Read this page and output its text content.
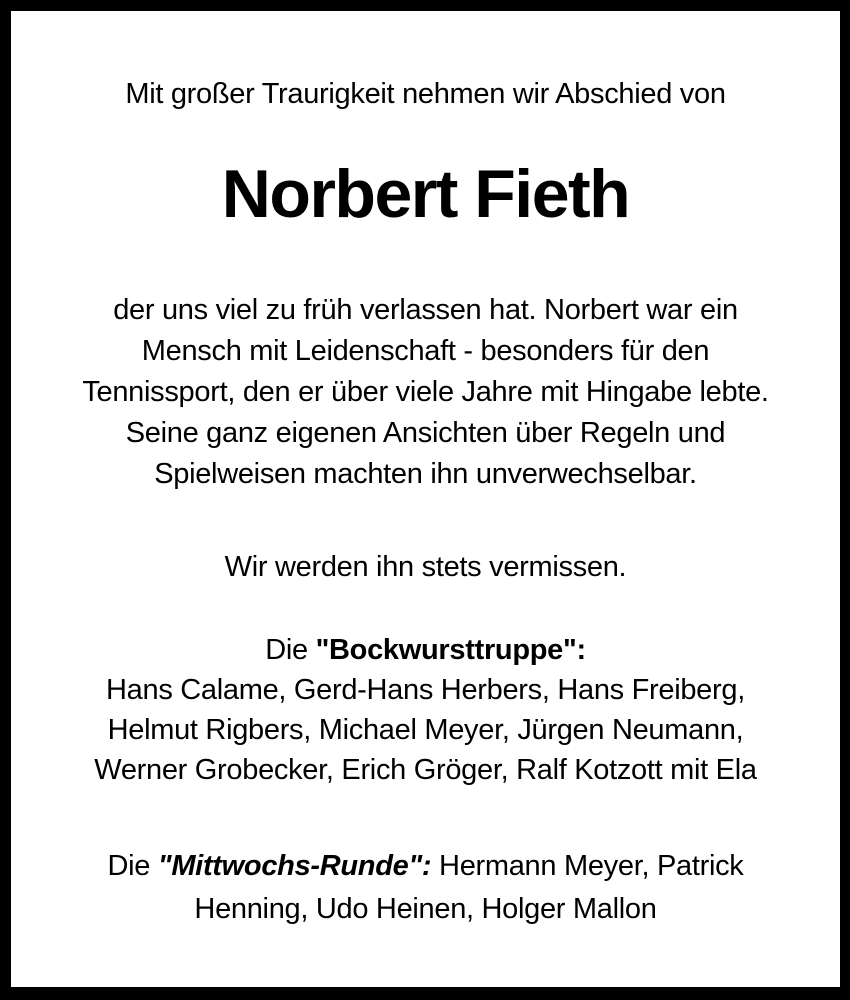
Mit großer Traurigkeit nehmen wir Abschied von
Norbert Fieth
der uns viel zu früh verlassen hat. Norbert war ein
Mensch mit Leidenschaft - besonders für den
Tennissport, den er über viele Jahre mit Hingabe lebte.
Seine ganz eigenen Ansichten über Regeln und
Spielweisen machten ihn unverwechselbar.
Wir werden ihn stets vermissen.
Die "Bockwursttruppe":
Hans Calame, Gerd-Hans Herbers, Hans Freiberg,
Helmut Rigbers, Michael Meyer, Jürgen Neumann,
Werner Grobecker, Erich Gröger, Ralf Kotzott mit Ela
Die "Mittwochs-Runde": Hermann Meyer, Patrick
Henning, Udo Heinen, Holger Mallon
